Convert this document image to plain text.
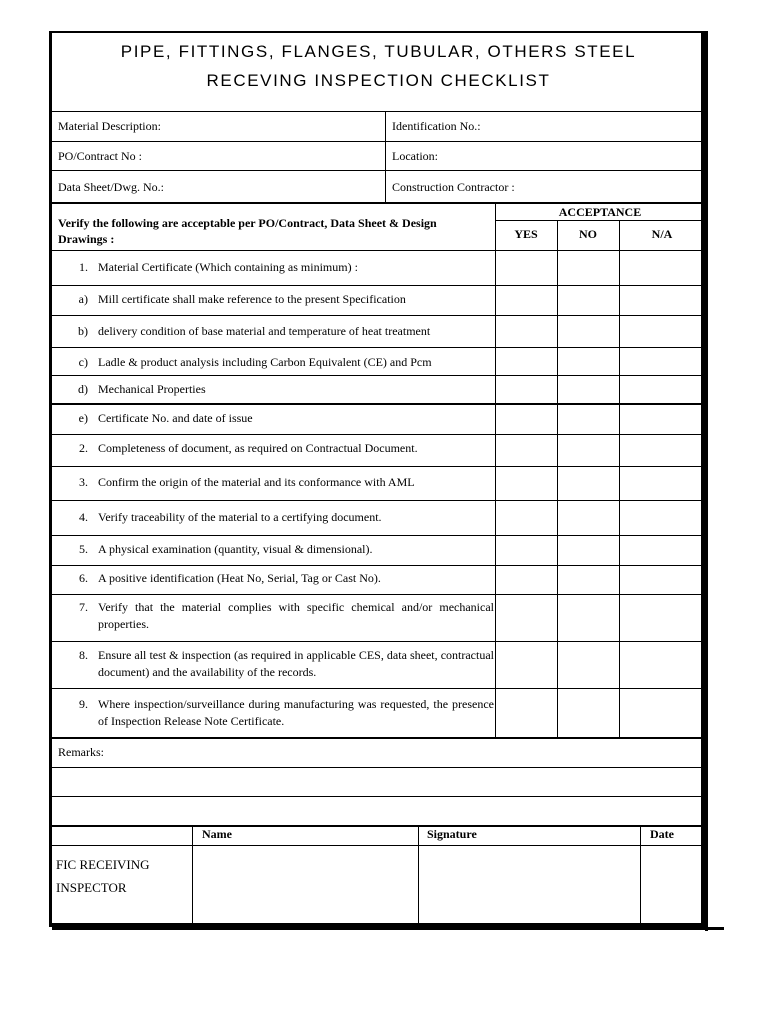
PIPE, FITTINGS, FLANGES, TUBULAR, OTHERS STEEL
RECEVING INSPECTION CHECKLIST
Material Description:	Identification No.:
PO/Contract No :	Location:
Data Sheet/Dwg. No.:	Construction Contractor :
Verify the following are acceptable per PO/Contract, Data Sheet & Design
Drawings :
ACCEPTANCE
YES	NO	N/A
1. Material Certificate (Which containing as minimum) :
a) Mill certificate shall make reference to the present Specification
b) delivery condition of base material and temperature of heat treatment
c) Ladle & product analysis including Carbon Equivalent (CE) and Pcm
d) Mechanical Properties
e) Certificate No. and date of issue
2. Completeness of document, as required on Contractual Document.
3. Confirm the origin of the material and its conformance with AML
4. Verify traceability of the material to a certifying document.
5. A physical examination (quantity, visual & dimensional).
6. A positive identification (Heat No, Serial, Tag or Cast No).
7. Verify that the material complies with specific chemical and/or mechanical properties.
8. Ensure all test & inspection (as required in applicable CES, data sheet, contractual document) and the availability of the records.
9. Where inspection/surveillance during manufacturing was requested, the presence of Inspection Release Note Certificate.
Remarks:
Name	Signature	Date
FIC RECEIVING
INSPECTOR
